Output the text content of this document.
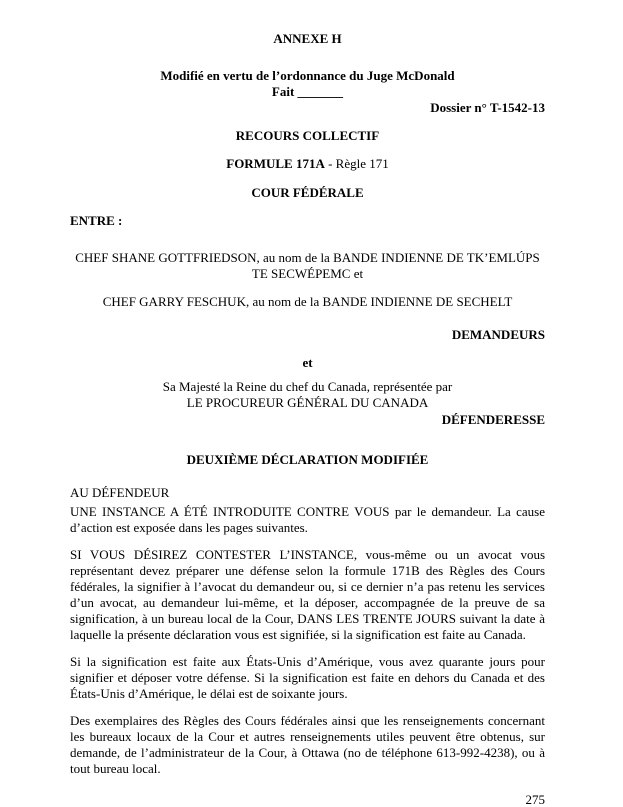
ANNEXE H
Modifié en vertu de l’ordonnance du Juge McDonald
Fait _______
Dossier n° T-1542-13
RECOURS COLLECTIF
FORMULE 171A - Règle 171
COUR FÉDÉRALE
ENTRE :
CHEF SHANE GOTTFRIEDSON, au nom de la BANDE INDIENNE DE TK’EMLÚPS
TE SECWÉPEMC et
CHEF GARRY FESCHUK, au nom de la BANDE INDIENNE DE SECHELT
DEMANDEURS
et
Sa Majesté la Reine du chef du Canada, représentée par
LE PROCUREUR GÉNÉRAL DU CANADA
DÉFENDERESSE
DEUXIÈME DÉCLARATION MODIFIÉE
AU DÉFENDEUR

UNE INSTANCE A ÉTÉ INTRODUITE CONTRE VOUS par le demandeur. La cause d’action est exposée dans les pages suivantes.

SI VOUS DÉSIREZ CONTESTER L’INSTANCE, vous-même ou un avocat vous représentant devez préparer une défense selon la formule 171B des Règles des Cours fédérales, la signifier à l’avocat du demandeur ou, si ce dernier n’a pas retenu les services d’un avocat, au demandeur lui-même, et la déposer, accompagnée de la preuve de sa signification, à un bureau local de la Cour, DANS LES TRENTE JOURS suivant la date à laquelle la présente déclaration vous est signifiée, si la signification est faite au Canada.

Si la signification est faite aux États-Unis d’Amérique, vous avez quarante jours pour signifier et déposer votre défense. Si la signification est faite en dehors du Canada et des États-Unis d’Amérique, le délai est de soixante jours.

Des exemplaires des Règles des Cours fédérales ainsi que les renseignements concernant les bureaux locaux de la Cour et autres renseignements utiles peuvent être obtenus, sur demande, de l’administrateur de la Cour, à Ottawa (no de téléphone 613-992-4238), ou à tout bureau local.

275
